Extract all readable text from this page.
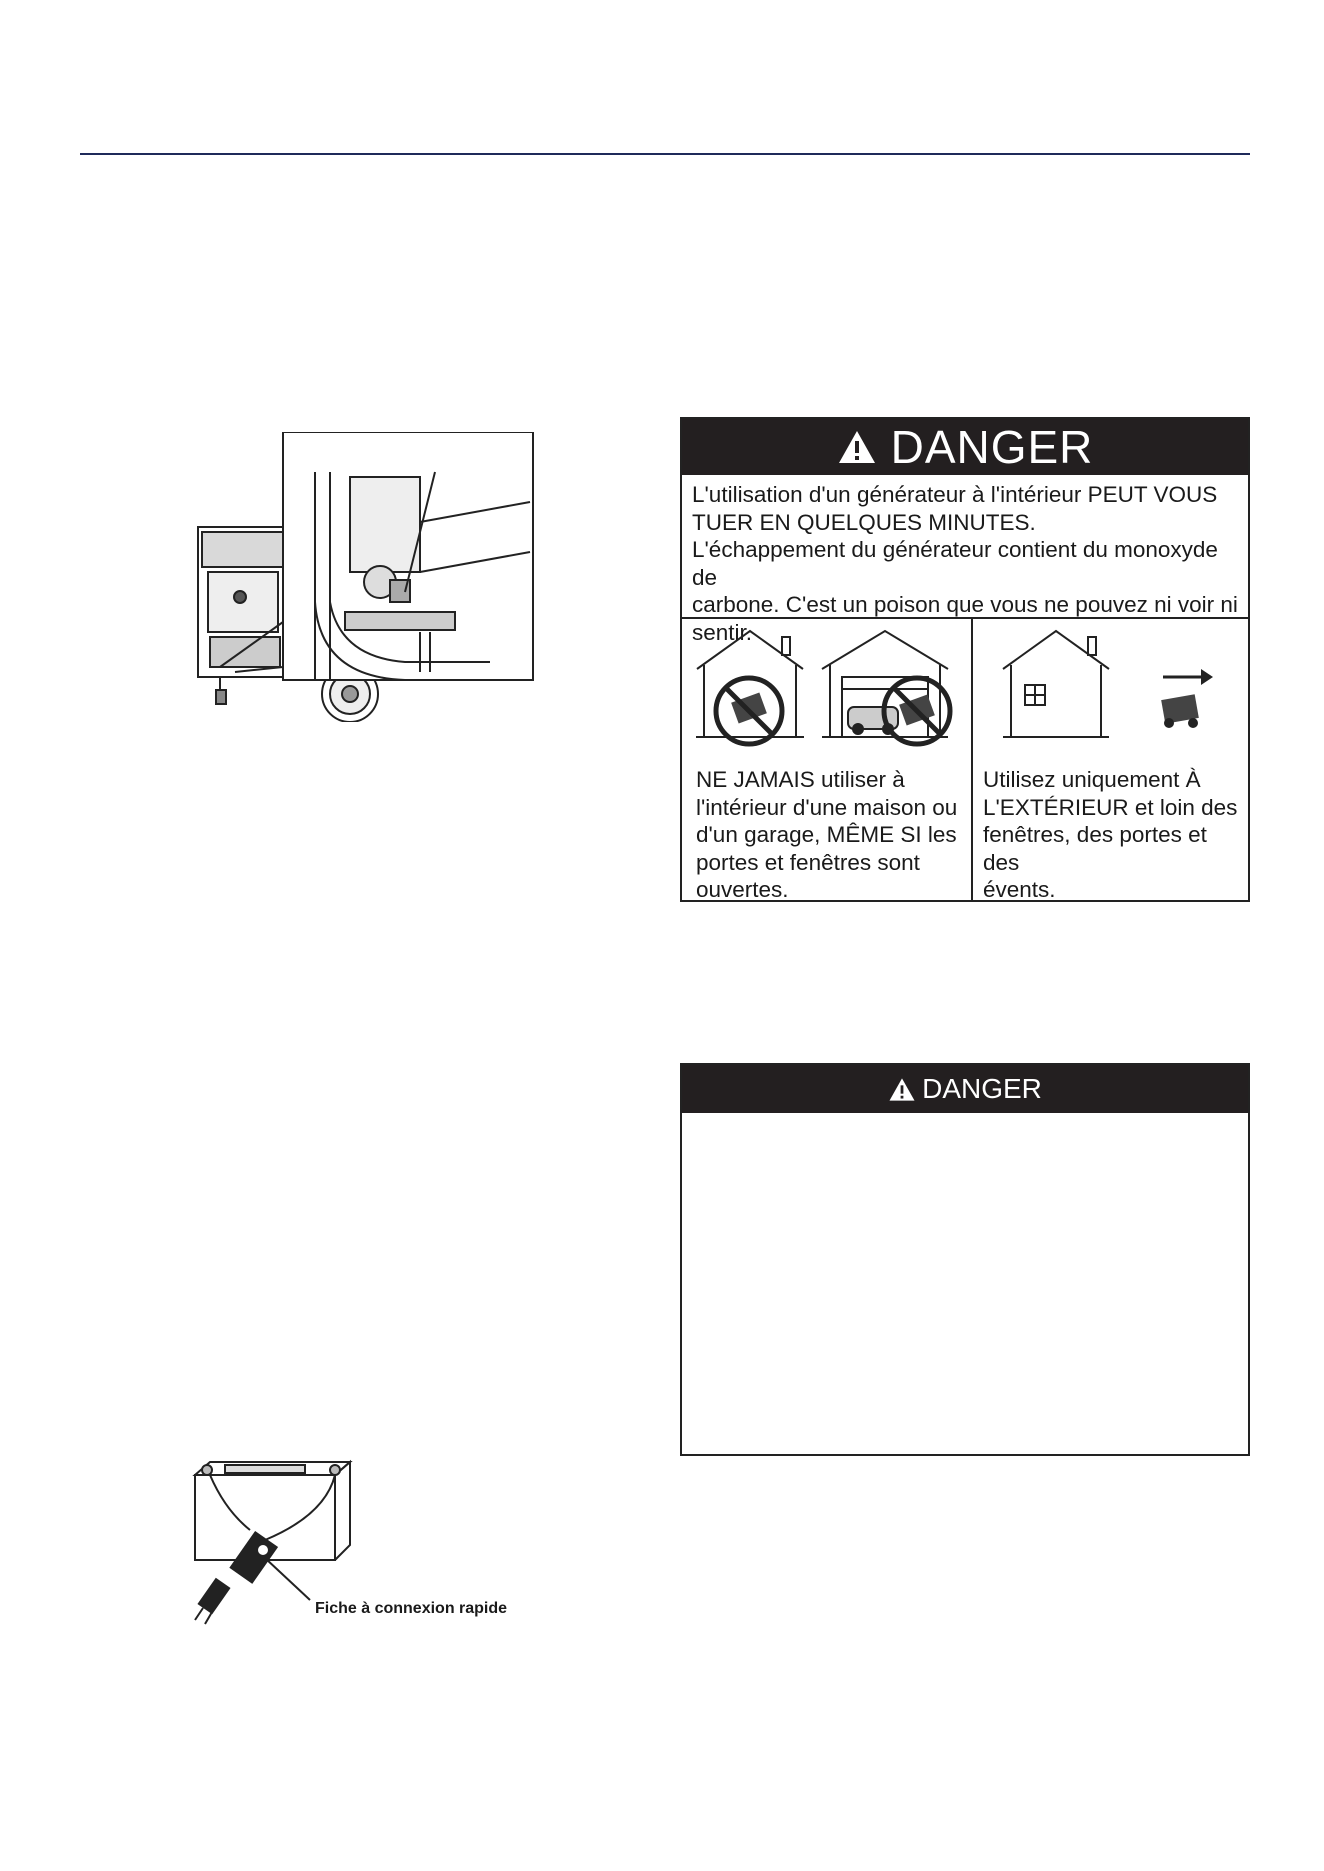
DANGER
L'utilisation d'un générateur à l'intérieur PEUT VOUS
TUER EN QUELQUES MINUTES.
L'échappement du générateur contient du monoxyde de
carbone. C'est un poison que vous ne pouvez ni voir ni
sentir.
NE JAMAIS utiliser à
l'intérieur d'une maison ou
d'un garage, MÊME SI les
portes et fenêtres sont
ouvertes.
Utilisez uniquement À
L'EXTÉRIEUR et loin des
fenêtres, des portes et des
évents.
DANGER
Fiche à connexion rapide
